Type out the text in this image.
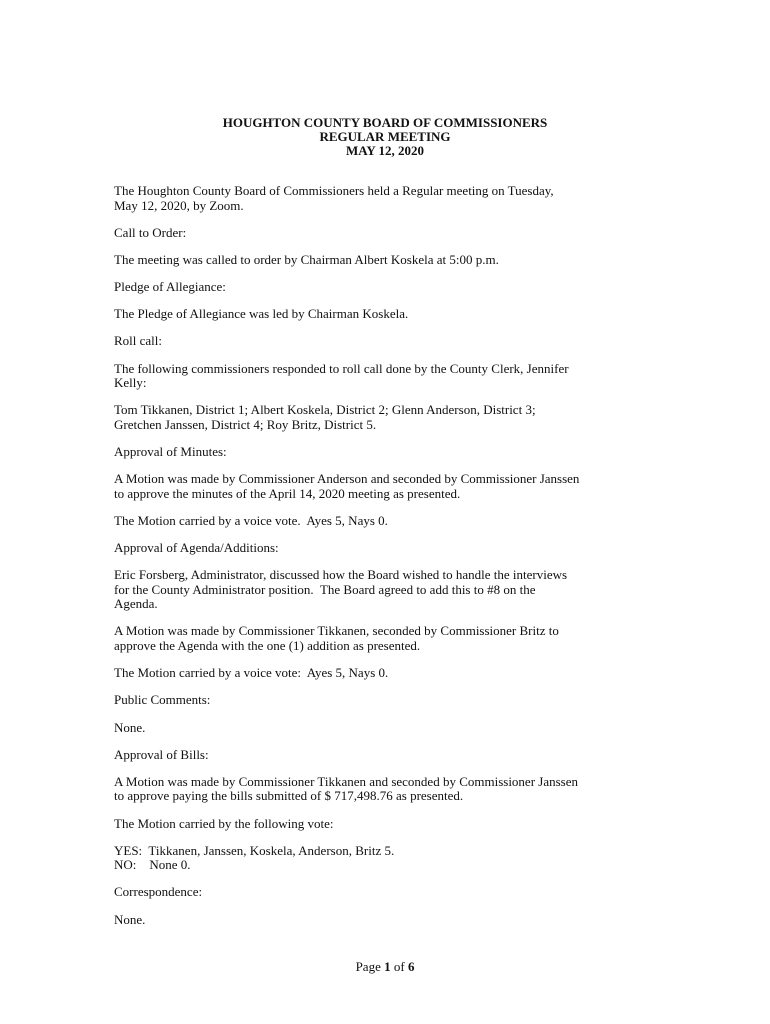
HOUGHTON COUNTY BOARD OF COMMISSIONERS
REGULAR MEETING
MAY 12, 2020

The Houghton County Board of Commissioners held a Regular meeting on Tuesday,
May 12, 2020, by Zoom.

Call to Order:

The meeting was called to order by Chairman Albert Koskela at 5:00 p.m.

Pledge of Allegiance:

The Pledge of Allegiance was led by Chairman Koskela.

Roll call:

The following commissioners responded to roll call done by the County Clerk, Jennifer
Kelly:

Tom Tikkanen, District 1; Albert Koskela, District 2; Glenn Anderson, District 3;
Gretchen Janssen, District 4; Roy Britz, District 5.

Approval of Minutes:

A Motion was made by Commissioner Anderson and seconded by Commissioner Janssen
to approve the minutes of the April 14, 2020 meeting as presented.

The Motion carried by a voice vote.  Ayes 5, Nays 0.

Approval of Agenda/Additions:

Eric Forsberg, Administrator, discussed how the Board wished to handle the interviews
for the County Administrator position.  The Board agreed to add this to #8 on the
Agenda.

A Motion was made by Commissioner Tikkanen, seconded by Commissioner Britz to
approve the Agenda with the one (1) addition as presented.

The Motion carried by a voice vote:  Ayes 5, Nays 0.

Public Comments:

None.

Approval of Bills:

A Motion was made by Commissioner Tikkanen and seconded by Commissioner Janssen
to approve paying the bills submitted of $ 717,498.76 as presented.

The Motion carried by the following vote:

YES:  Tikkanen, Janssen, Koskela, Anderson, Britz 5.
NO:    None 0.

Correspondence:

None.

Page 1 of 6
